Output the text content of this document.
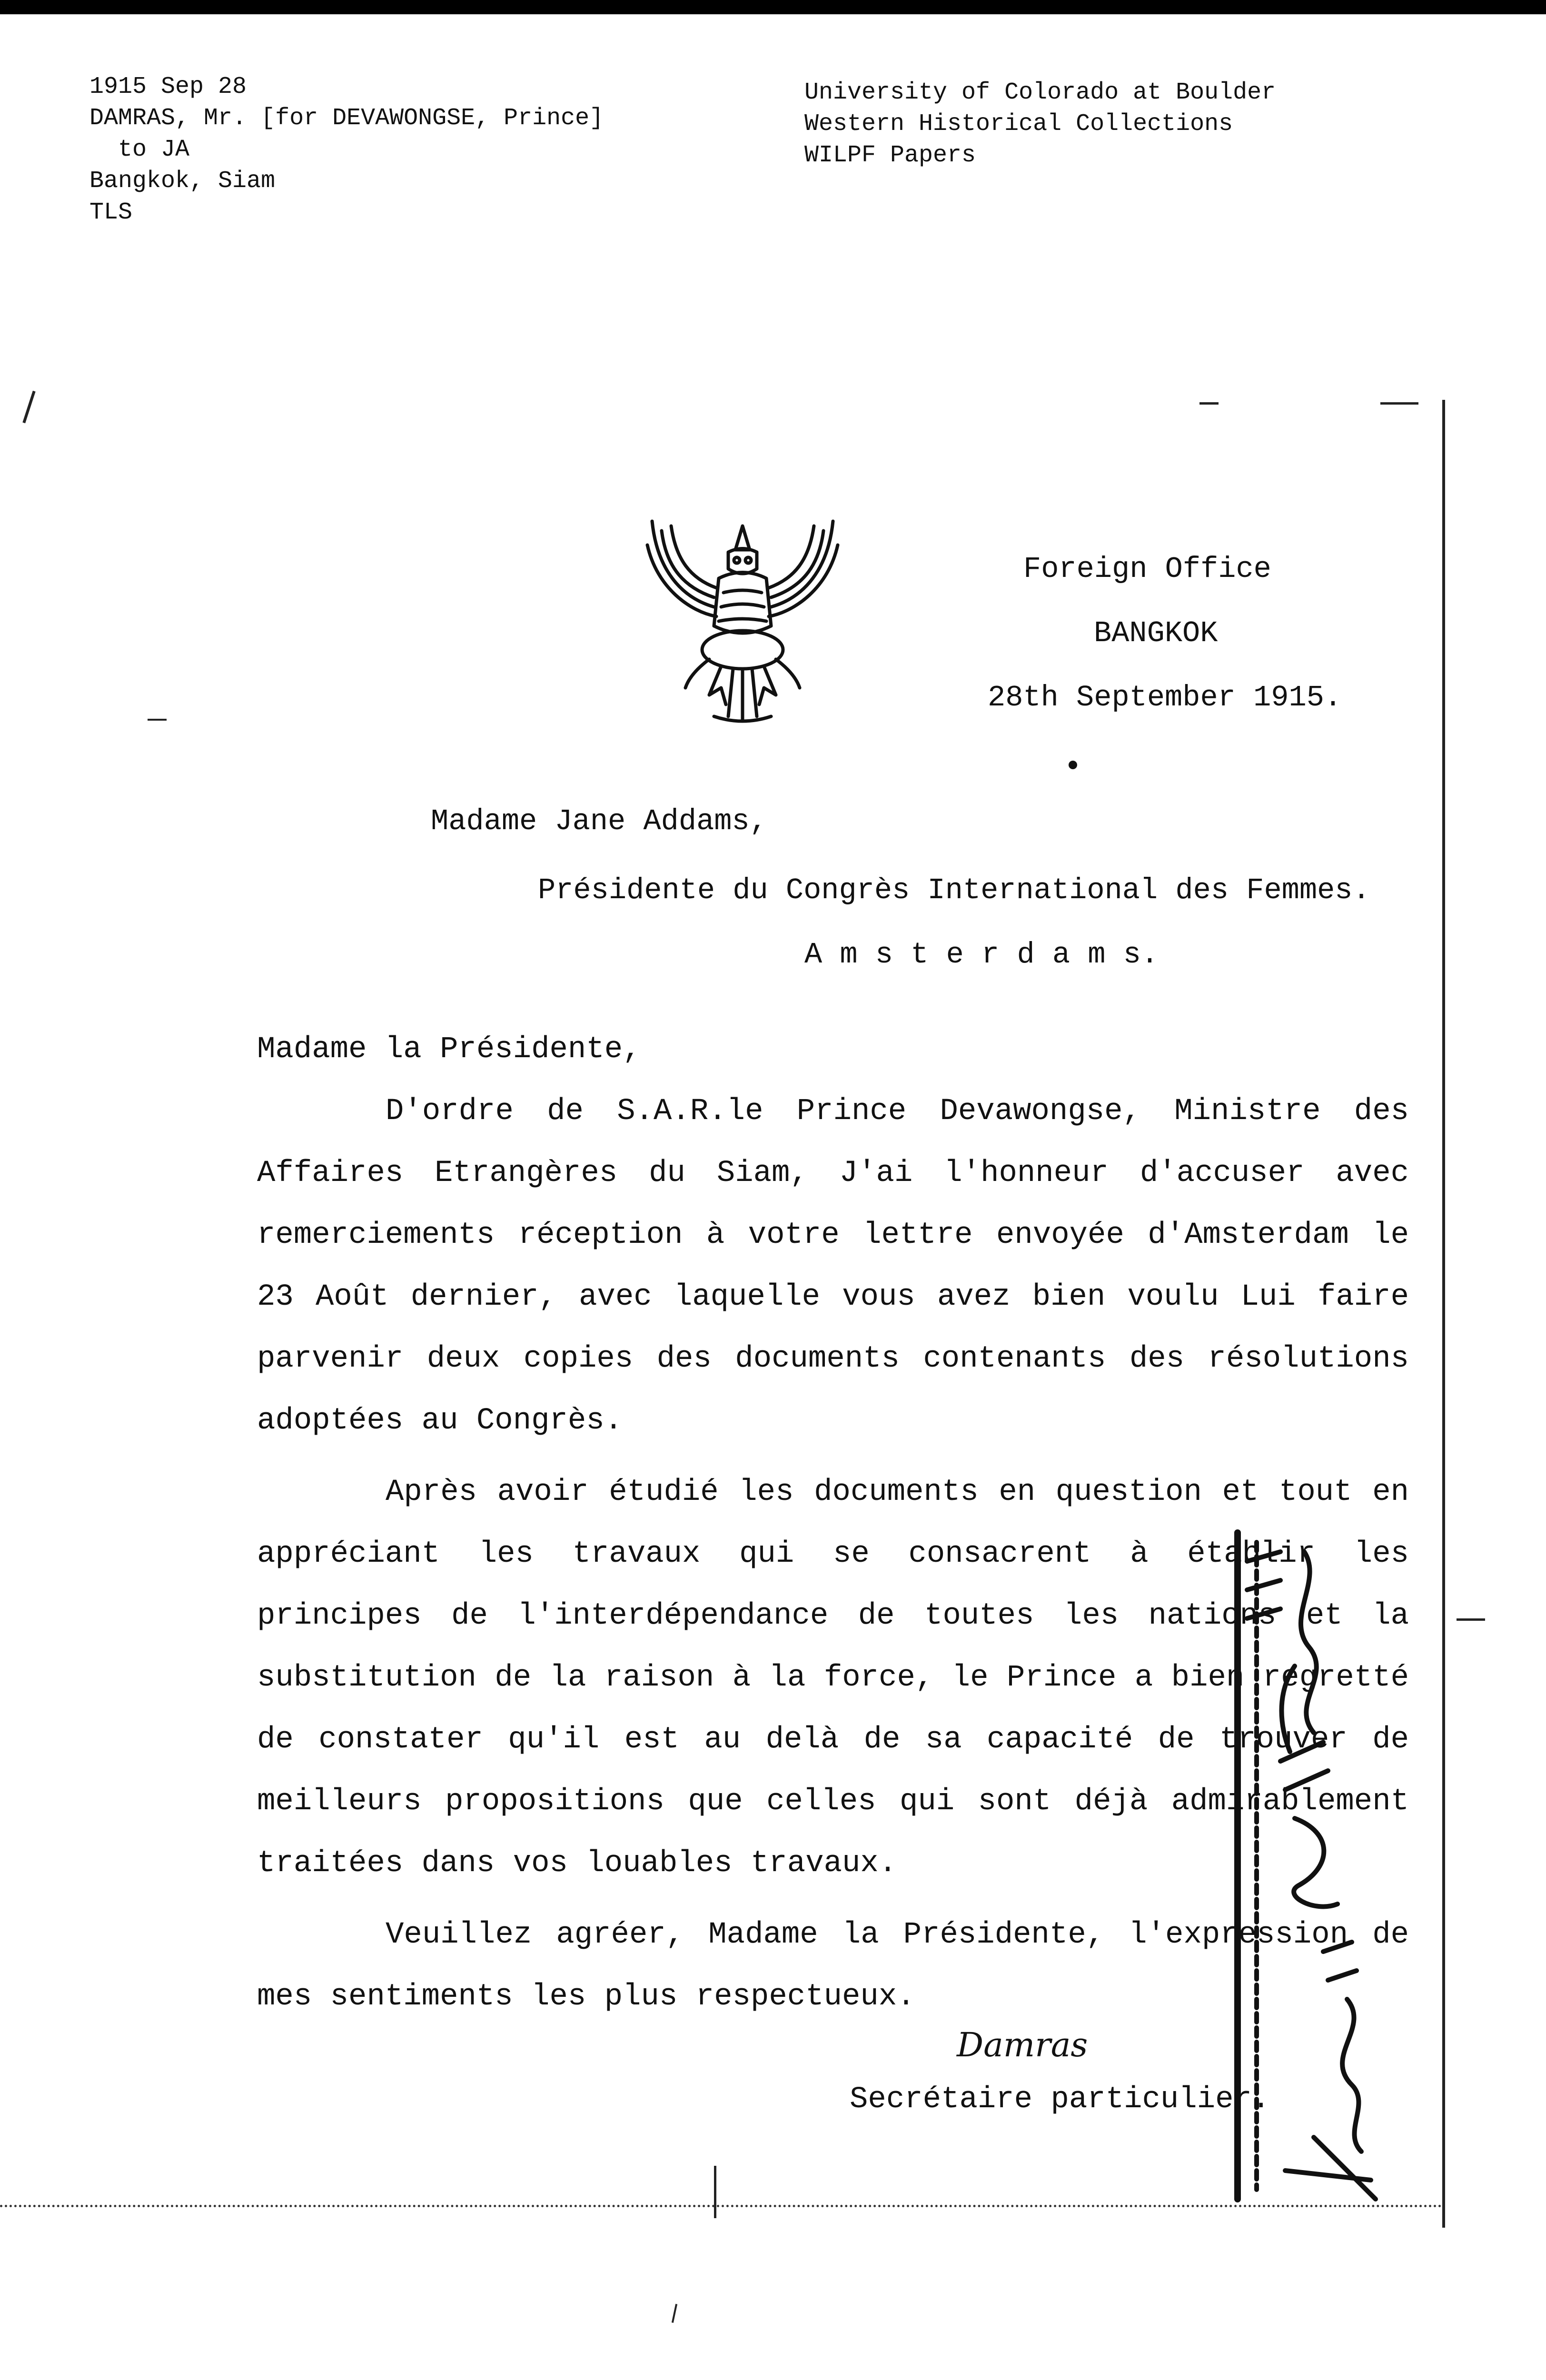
1915 Sep 28
DAMRAS, Mr. [for DEVAWONGSE, Prince]
to JA
Bangkok, Siam
TLS
University of Colorado at Boulder
Western Historical Collections
WILPF Papers
Foreign Office
BANGKOK
28th September 1915.
Madame Jane Addams,
Présidente du Congrès International des Femmes.
A m s t e r d a m s.

Madame la Présidente,

D'ordre de S.A.R.le Prince Devawongse, Ministre des Affaires Etrangères du Siam, J'ai l'honneur d'accuser avec remerciements réception à votre lettre envoyée d'Amsterdam le 23 Août dernier, avec laquelle vous avez bien voulu Lui faire parvenir deux copies des documents contenants des résolutions adoptées au Congrès.

Après avoir étudié les documents en question et tout en appréciant les travaux qui se consacrent à établir les principes de l'interdépendance de toutes les nations et la substitution de la raison à la force, le Prince a bien regretté de constater qu'il est au delà de sa capacité de trouver de meilleurs propositions que celles qui sont déjà admirablement traitées dans vos louables travaux.

Veuillez agréer, Madame la Présidente, l'expression de mes sentiments les plus respectueux.

Damras
Secrétaire particulier.
